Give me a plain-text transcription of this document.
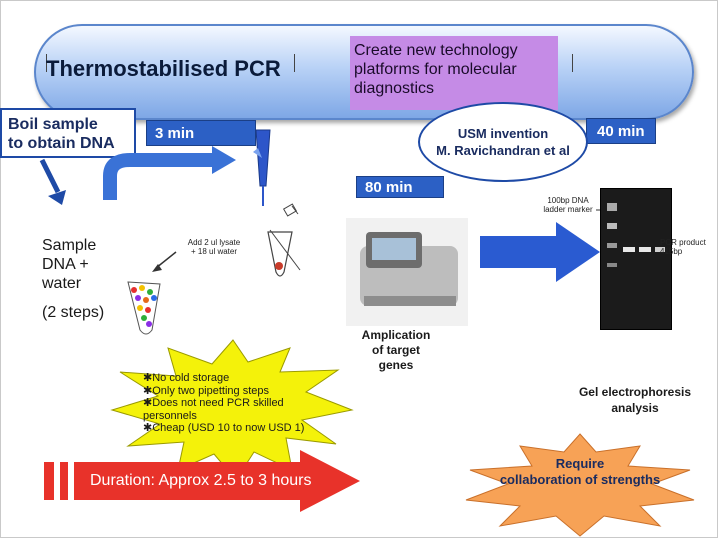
Thermostabilised PCR
Create new technology
platforms for molecular
diagnostics
Boil sample
to obtain DNA
3 min	40 min
80 min
USM invention
M. Ravichandran et al
100bp DNA
ladder marker
PCR product
415bp
Add 2 ul lysate
+ 18 ul water
Sample
DNA +
water
(2 steps)
Amplication
of target
genes
Gel electrophoresis
analysis
✱No cold storage
✱Only two pipetting steps
✱Does not need PCR skilled personnels
✱Cheap (USD 10 to now USD 1)
Duration: Approx 2.5 to 3 hours
Require
collaboration of strengths
